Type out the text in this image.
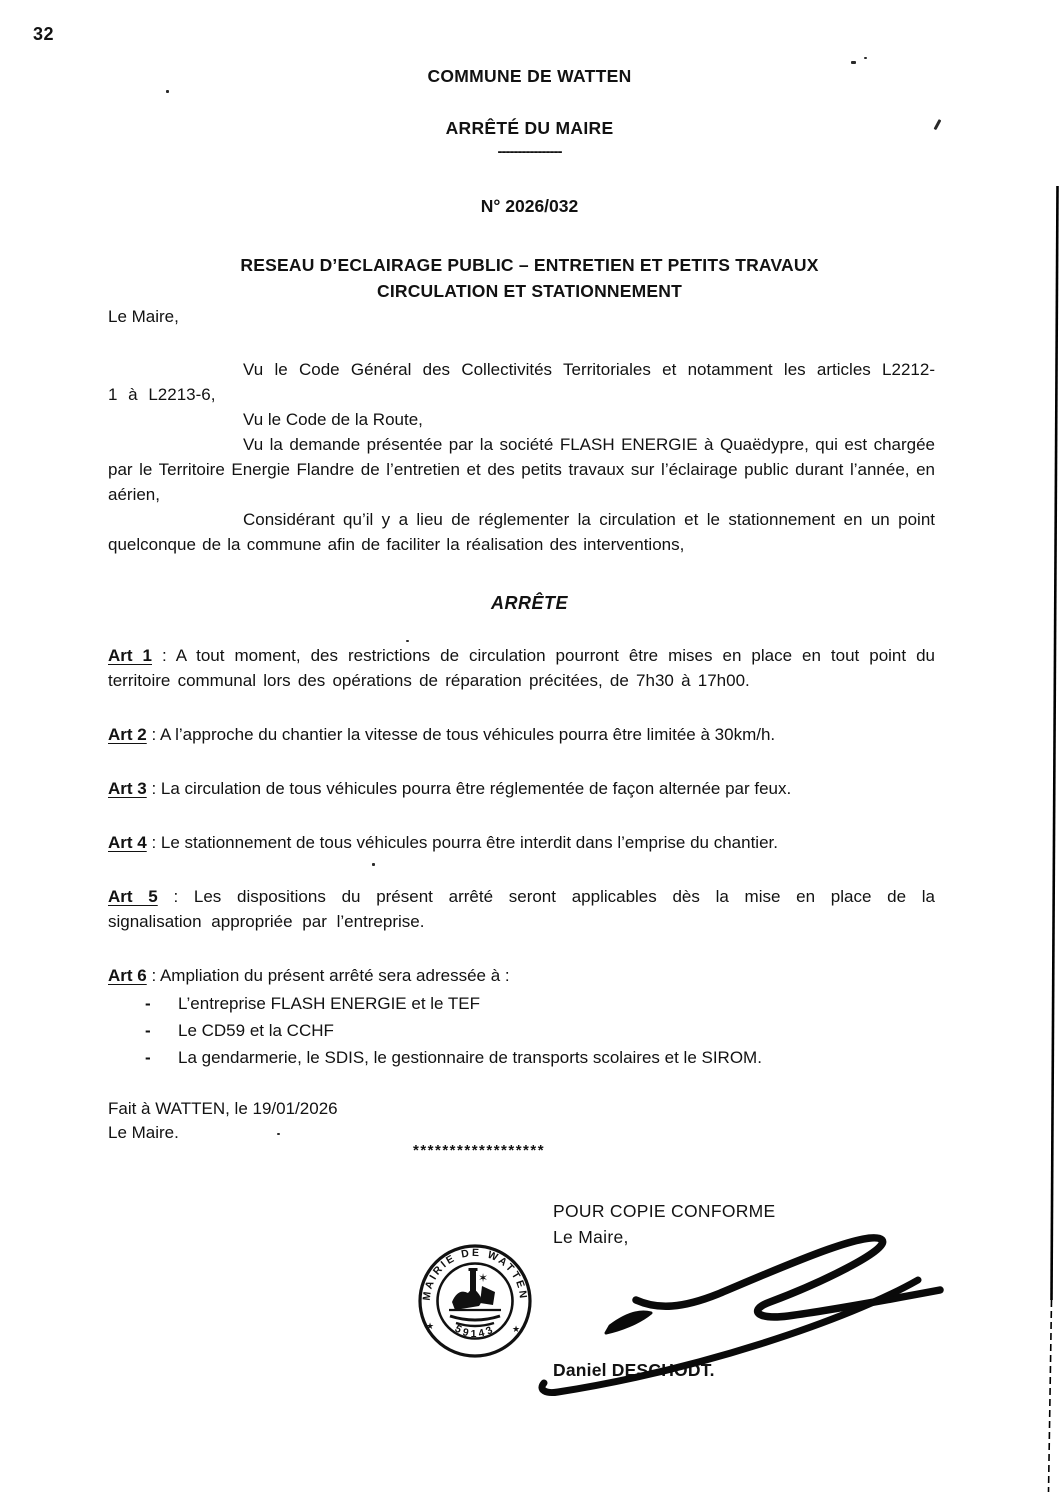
32
COMMUNE DE WATTEN
ARRÊTÉ DU MAIRE
----------------
N° 2026/032
RESEAU D’ECLAIRAGE PUBLIC – ENTRETIEN ET PETITS TRAVAUX
CIRCULATION ET STATIONNEMENT

Le Maire,

Vu le Code Général des Collectivités Territoriales et notamment les articles L2212-1 à L2213-6,

Vu le Code de la Route,

Vu la demande présentée par la société FLASH ENERGIE à Quaëdypre, qui est chargée par le Territoire Energie Flandre de l’entretien et des petits travaux sur l’éclairage public durant l’année, en aérien,

Considérant qu’il y a lieu de réglementer la circulation et le stationnement en un point quelconque de la commune afin de faciliter la réalisation des interventions,

ARRÊTE

Art 1 : A tout moment, des restrictions de circulation pourront être mises en place en tout point du territoire communal lors des opérations de réparation précitées, de 7h30 à 17h00.

Art 2 : A l’approche du chantier la vitesse de tous véhicules pourra être limitée à 30km/h.

Art 3 : La circulation de tous véhicules pourra être réglementée de façon alternée par feux.

Art 4 : Le stationnement de tous véhicules pourra être interdit dans l’emprise du chantier.

Art 5 : Les dispositions du présent arrêté seront applicables dès la mise en place de la signalisation appropriée par l’entreprise.

Art 6 : Ampliation du présent arrêté sera adressée à :

-	L’entreprise FLASH ENERGIE et le TEF
-	Le CD59 et la CCHF
-	La gendarmerie, le SDIS, le gestionnaire de transports scolaires et le SIROM.

Fait à WATTEN, le 19/01/2026

Le Maire.

******************
POUR COPIE CONFORME
Le Maire,
Daniel DESCHODT.
MAIRIE DE WATTEN
59143
★	★
✶
